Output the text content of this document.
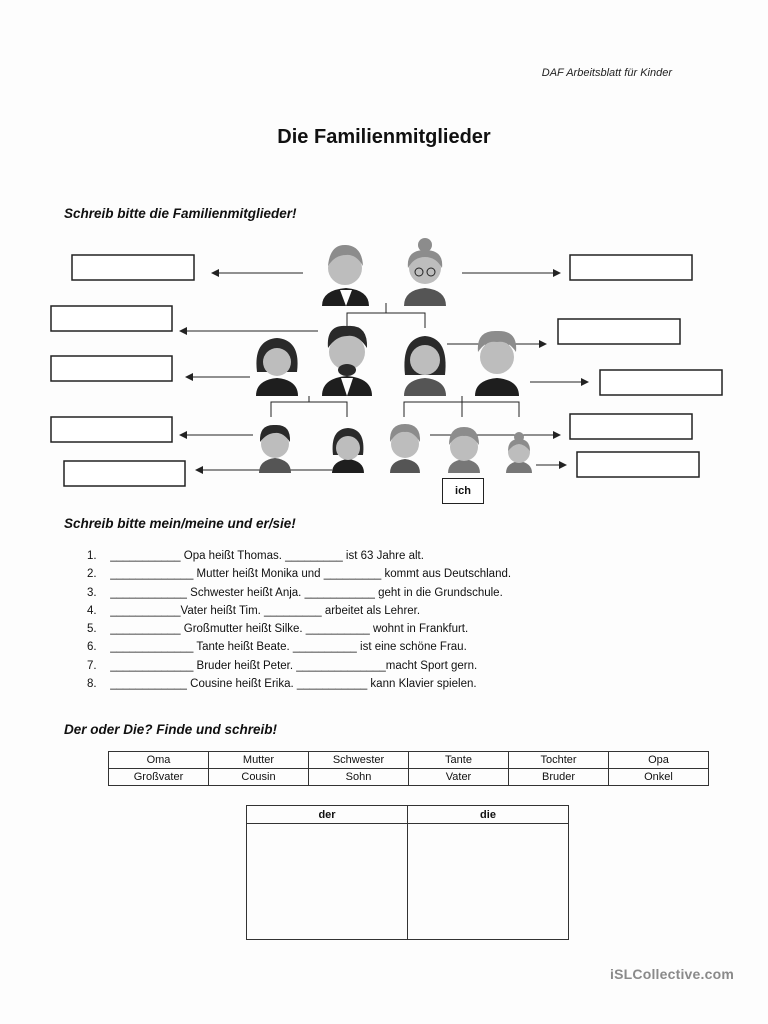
DAF Arbeitsblatt für Kinder
Die Familienmitglieder
Schreib bitte die Familienmitglieder!
ich
Schreib bitte mein/meine und er/sie!
1. ___________ Opa heißt Thomas. _________ ist 63 Jahre alt.
2. _____________ Mutter heißt Monika und _________ kommt aus Deutschland.
3. ____________ Schwester heißt Anja. ___________ geht in die Grundschule.
4. ___________Vater heißt Tim. _________ arbeitet als Lehrer.
5. ___________ Großmutter heißt Silke. __________ wohnt in Frankfurt.
6. _____________ Tante heißt Beate. __________ ist eine schöne Frau.
7. _____________ Bruder heißt Peter. ______________macht Sport gern.
8. ____________ Cousine heißt Erika. ___________ kann Klavier spielen.
Der oder Die? Finde und schreib!
Oma	Mutter	Schwester	Tante	Tochter	Opa
Großvater	Cousin	Sohn	Vater	Bruder	Onkel
der	die

iSLCollective.com
